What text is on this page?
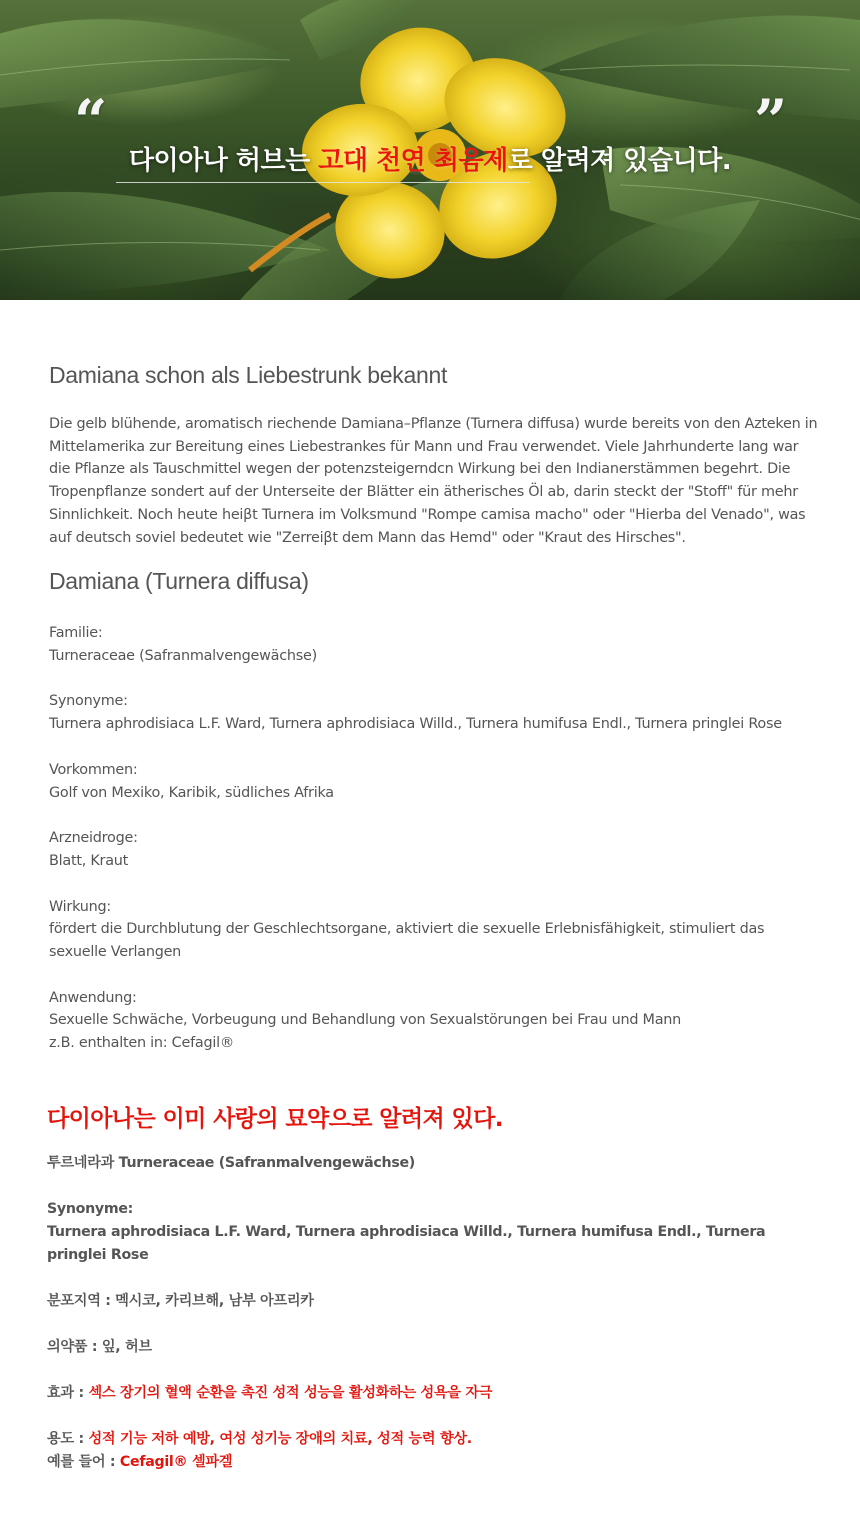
“	”
다이아나 허브는 고대 천연 최음제로 알려져 있습니다.
Damiana schon als Liebestrunk bekannt
Die gelb blühende, aromatisch riechende Damiana–Pflanze (Turnera diffusa) wurde bereits von den Azteken in Mittelamerika zur Bereitung eines Liebestrankes für Mann und Frau verwendet. Viele Jahrhunderte lang war die Pflanze als Tauschmittel wegen der potenzsteigerndcn Wirkung bei den Indianerstämmen begehrt. Die Tropenpflanze sondert auf der Unterseite der Blätter ein ätherisches Öl ab, darin steckt der "Stoff" für mehr Sinnlichkeit. Noch heute heiβt Turnera im Volksmund "Rompe camisa macho" oder "Hierba del Venado", was auf deutsch soviel bedeutet wie "Zerreiβt dem Mann das Hemd" oder "Kraut des Hirsches".
Damiana (Turnera diffusa)
Familie:
Turneraceae (Safranmalvengewächse)
Synonyme:
Turnera aphrodisiaca L.F. Ward, Turnera aphrodisiaca Willd., Turnera humifusa Endl., Turnera pringlei Rose
Vorkommen:
Golf von Mexiko, Karibik, südliches Afrika
Arzneidroge:
Blatt, Kraut
Wirkung:
fördert die Durchblutung der Geschlechtsorgane, aktiviert die sexuelle Erlebnisfähigkeit, stimuliert das sexuelle Verlangen
Anwendung:
Sexuelle Schwäche, Vorbeugung und Behandlung von Sexualstörungen bei Frau und Mann
z.B. enthalten in: Cefagil®
다이아나는 이미 사랑의 묘약으로 알려져 있다.
투르네라과 Turneraceae (Safranmalvengewächse)
Synonyme:
Turnera aphrodisiaca L.F. Ward, Turnera aphrodisiaca Willd., Turnera humifusa Endl., Turnera pringlei Rose
분포지역 : 멕시코, 카리브해, 남부 아프리카
의약품 : 잎, 허브
효과 : 섹스 장기의 혈액 순환을 촉진 성적 성능을 활성화하는 성욕을 자극
용도 : 성적 기능 저하 예방, 여성 성기능 장애의 치료, 성적 능력 향상.
예를 들어 : Cefagil® 셀파겔
